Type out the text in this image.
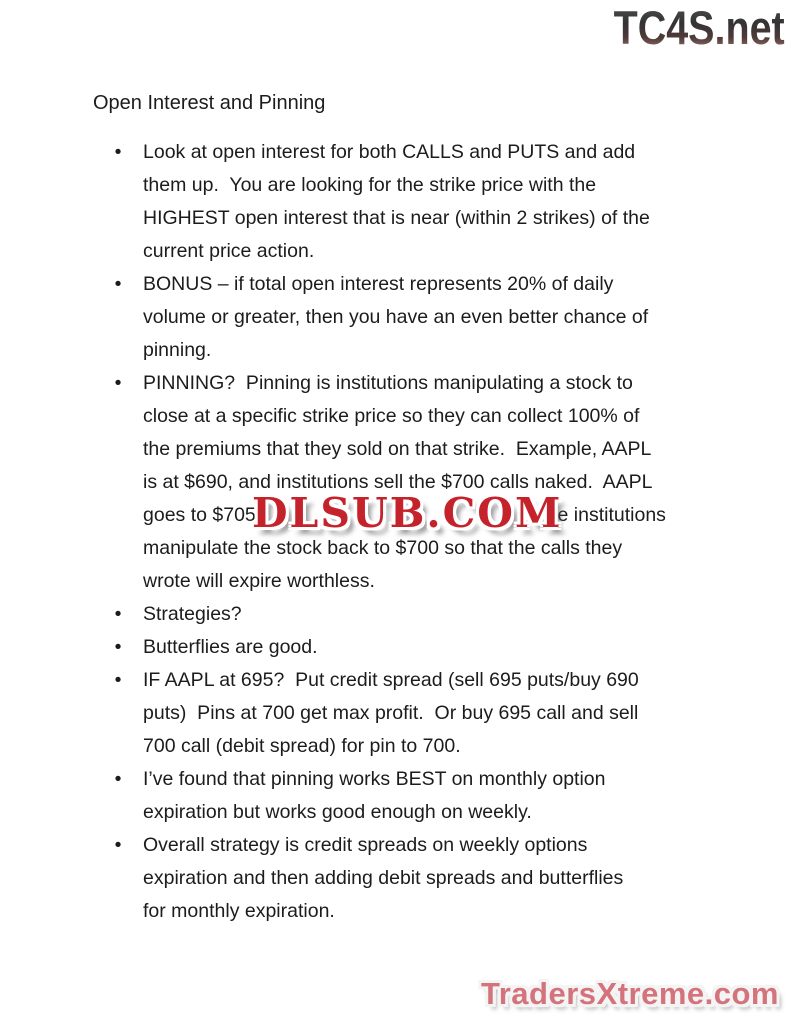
TC4S.net
Open Interest and Pinning
•	Look at open interest for both CALLS and PUTS and add
them up.  You are looking for the strike price with the
HIGHEST open interest that is near (within 2 strikes) of the
current price action.
•	BONUS – if total open interest represents 20% of daily
volume or greater, then you have an even better chance of
pinning.
•	PINNING?  Pinning is institutions manipulating a stock to
close at a specific strike price so they can collect 100% of
the premiums that they sold on that strike.  Example, AAPL
is at $690, and institutions sell the $700 calls naked.  AAPL
goes to $705	se institutions
manipulate the stock back to $700 so that the calls they
wrote will expire worthless.
•	Strategies?
•	Butterflies are good.
•	IF AAPL at 695?  Put credit spread (sell 695 puts/buy 690
puts)  Pins at 700 get max profit.  Or buy 695 call and sell
700 call (debit spread) for pin to 700.
•	I’ve found that pinning works BEST on monthly option
expiration but works good enough on weekly.
•	Overall strategy is credit spreads on weekly options
expiration and then adding debit spreads and butterflies
for monthly expiration.
DLSUB.COM
TradersXtreme.com
